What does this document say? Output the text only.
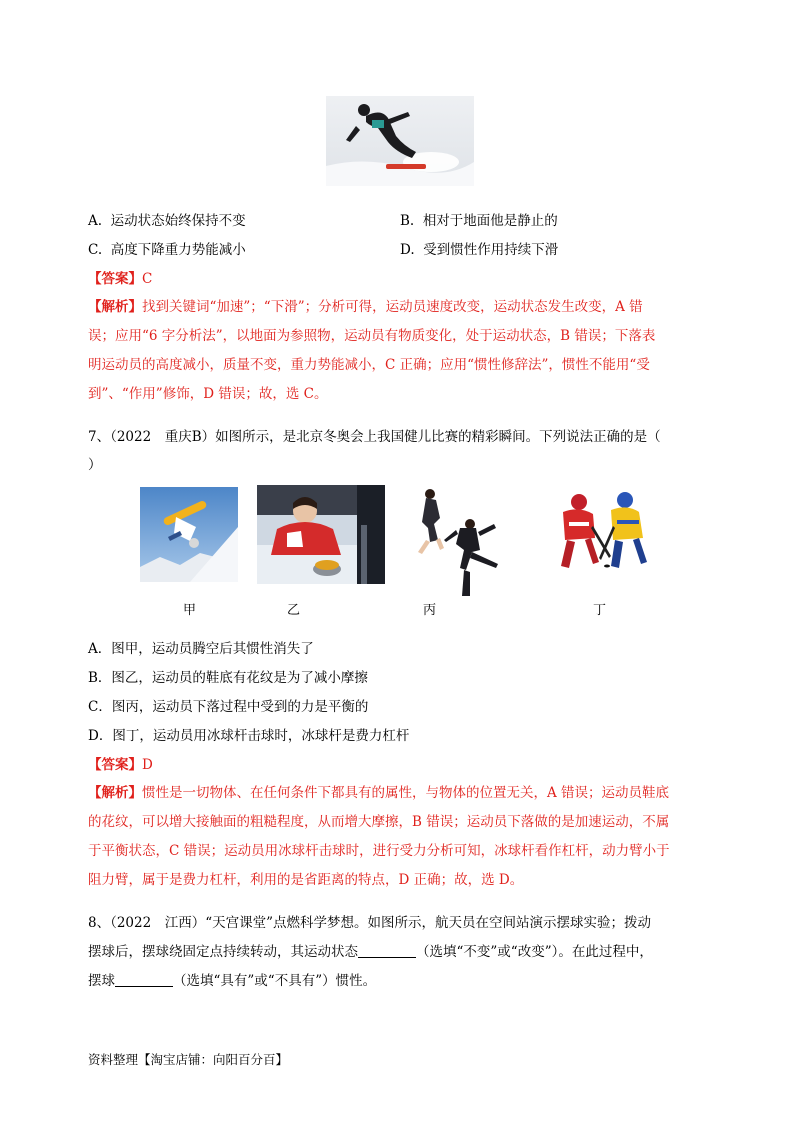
A. 运动状态始终保持不变	B. 相对于地面他是静止的
C. 高度下降重力势能减小	D. 受到惯性作用持续下滑
【答案】C
【解析】找到关键词“加速”；“下滑”；分析可得，运动员速度改变，运动状态发生改变，A 错
误；应用“6 字分析法”，以地面为参照物，运动员有物质变化，处于运动状态，B 错误；下落表
明运动员的高度减小，质量不变，重力势能减小，C 正确；应用“惯性修辞法”，惯性不能用“受
到”、“作用”修饰，D 错误；故，选 C。
7、（2022　重庆B）如图所示，是北京冬奥会上我国健儿比赛的精彩瞬间。下列说法正确的是（
）
甲	乙	丙	丁
A．图甲，运动员腾空后其惯性消失了
B．图乙，运动员的鞋底有花纹是为了减小摩擦
C．图丙，运动员下落过程中受到的力是平衡的
D．图丁，运动员用冰球杆击球时，冰球杆是费力杠杆
【答案】D
【解析】惯性是一切物体、在任何条件下都具有的属性，与物体的位置无关，A 错误；运动员鞋底
的花纹，可以增大接触面的粗糙程度，从而增大摩擦，B 错误；运动员下落做的是加速运动，不属
于平衡状态，C 错误；运动员用冰球杆击球时，进行受力分析可知，冰球杆看作杠杆，动力臂小于
阻力臂，属于是费力杠杆，利用的是省距离的特点，D 正确；故，选 D。
8、（2022　江西）“天宫课堂”点燃科学梦想。如图所示，航天员在空间站演示摆球实验；拨动
摆球后，摆球绕固定点持续转动，其运动状态	（选填“不变”或“改变”）。在此过程中，
摆球	（选填“具有”或“不具有”）惯性。
资料整理【淘宝店铺：向阳百分百】
